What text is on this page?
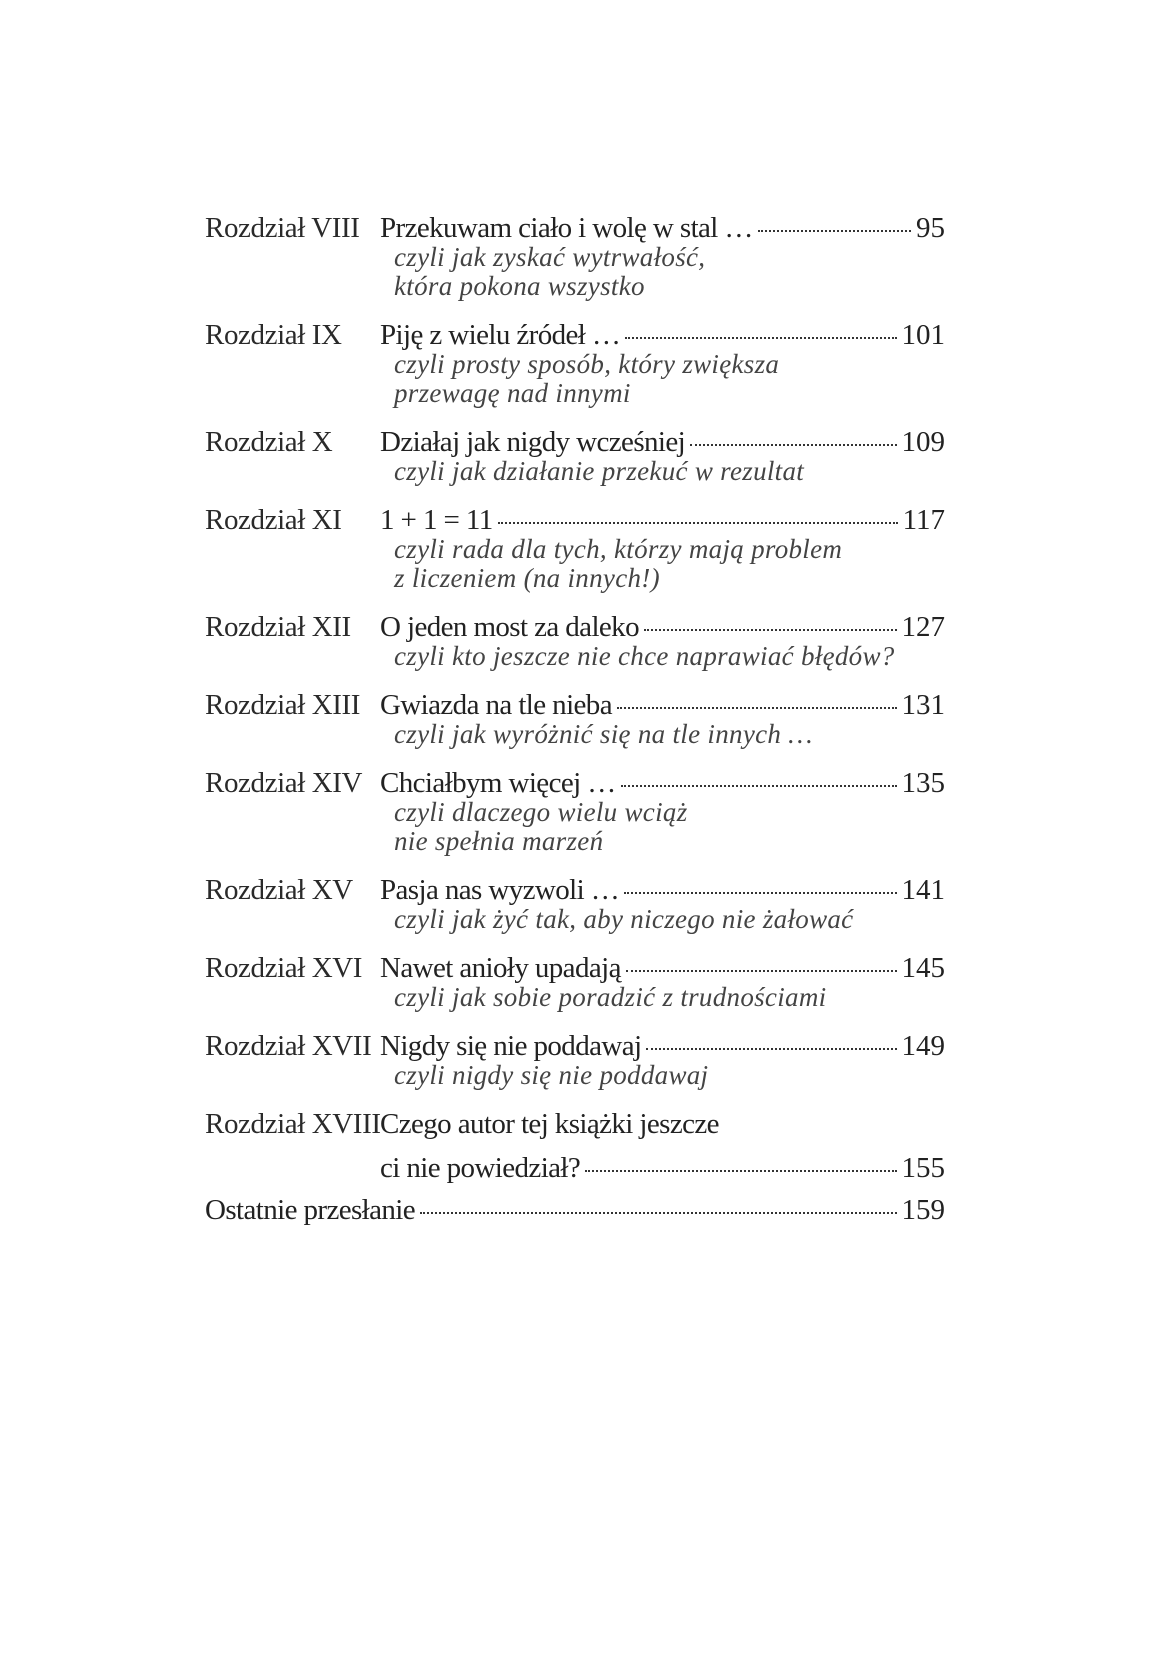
Rozdział VIII Przekuwam ciało i wolę w stal …	95
czyli jak zyskać wytrwałość,
która pokona wszystko
Rozdział IX	Piję z wielu źródeł …	101
czyli prosty sposób, który zwiększa
przewagę nad innymi
Rozdział X	Działaj jak nigdy wcześniej	109
czyli jak działanie przekuć w rezultat
Rozdział XI	1 + 1 = 11	117
czyli rada dla tych, którzy mają problem
z liczeniem (na innych!)
Rozdział XII	O jeden most za daleko	127
czyli kto jeszcze nie chce naprawiać błędów?
Rozdział XIII Gwiazda na tle nieba	131
czyli jak wyróżnić się na tle innych …
Rozdział XIV Chciałbym więcej …	135
czyli dlaczego wielu wciąż
nie spełnia marzeń
Rozdział XV Pasja nas wyzwoli …	141
czyli jak żyć tak, aby niczego nie żałować
Rozdział XVI Nawet anioły upadają	145
czyli jak sobie poradzić z trudnościami
Rozdział XVII Nigdy się nie poddawaj	149
czyli nigdy się nie poddawaj
Rozdział XVIII Czego autor tej książki jeszcze
ci nie powiedział?	155
Ostatnie przesłanie	159
